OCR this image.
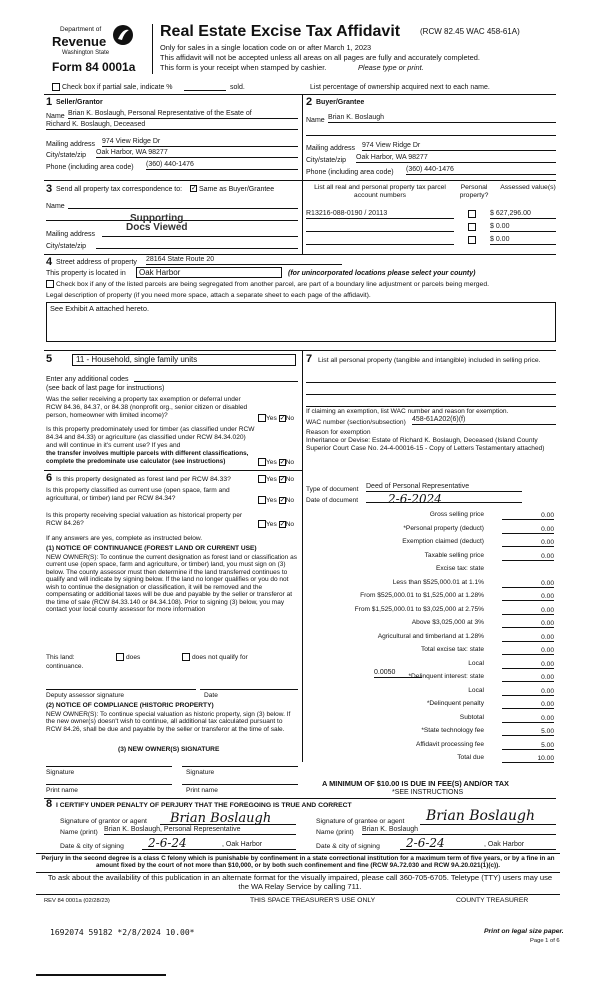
Department of
Revenue
Washington State
Form 84 0001a
Real Estate Excise Tax Affidavit (RCW 82.45 WAC 458-61A)
Only for sales in a single location code on or after March 1, 2023
This affidavit will not be accepted unless all areas on all pages are fully and accurately completed.
This form is your receipt when stamped by cashier.	Please type or print.
Check box if partial sale, indicate %	sold.	List percentage of ownership acquired next to each name.
1 Seller/Grantor
Name Brian K. Boslaugh, Personal Representative of the Esate of
Richard K. Boslaugh, Deceased
Mailing address 974 View Ridge Dr
City/state/zip Oak Harbor, WA 98277
Phone (including area code) (360) 440-1476
2 Buyer/Grantee
Name Brian K. Boslaugh
Mailing address 974 View Ridge Dr
City/state/zip Oak Harbor, WA 98277
Phone (including area code) (360) 440-1476
3 Send all property tax correspondence to: ✓ Same as Buyer/Grantee
Name
Supporting
Docs Viewed
Mailing address
City/state/zip
List all real and personal property tax parcel account numbers
Personal property?
Assessed value(s)
R13216-088-0190 / 20113	$ 627,296.00
$ 0.00
$ 0.00
4 Street address of property 28164 State Route 20
This property is located in	Oak Harbor	(for unincorporated locations please select your county)
Check box if any of the listed parcels are being segregated from another parcel, are part of a boundary line adjustment or parcels being merged.
Legal description of property (if you need more space, attach a separate sheet to each page of the affidavit).
See Exhibit A attached hereto.
5	11 - Household, single family units
Enter any additional codes
(see back of last page for instructions)
Was the seller receiving a property tax exemption or deferral under RCW 84.36, 84.37, or 84.38 (nonprofit org., senior citizen or disabled person, homeowner with limited income)?	Yes ✓No
Is this property predominately used for timber (as classified under RCW 84.34 and 84.33) or agriculture (as classified under RCW 84.34.020) and will continue in it's current use? If yes and
the transfer involves multiple parcels with different classifications, complete the predominate use calculator (see instructions)	Yes ✓No
6 Is this property designated as forest land per RCW 84.33?	Yes ✓No
Is this property classified as current use (open space, farm and agricultural, or timber) land per RCW 84.34?	Yes ✓No
Is this property receiving special valuation as historical property per RCW 84.26?	Yes ✓No
If any answers are yes, complete as instructed below.
(1) NOTICE OF CONTINUANCE (FOREST LAND OR CURRENT USE)
NEW OWNER(S): To continue the current designation as forest land or classification as current use (open space, farm and agriculture, or timber) land, you must sign on (3) below. The county assessor must then determine if the land transferred continues to qualify and will indicate by signing below. If the land no longer qualifies or you do not wish to continue the designation or classification, it will be removed and the compensating or additional taxes will be due and payable by the seller or transferor at the time of sale (RCW 84.33.140 or 84.34.108). Prior to signing (3) below, you may contact your local county assessor for more information
This land:	does	does not qualify for
continuance.
Deputy assessor signature	Date
(2) NOTICE OF COMPLIANCE (HISTORIC PROPERTY)
NEW OWNER(S): To continue special valuation as historic property, sign (3) below. If the new owner(s) doesn't wish to continue, all additional tax calculated pursuant to RCW 84.26, shall be due and payable by the seller or transferor at the time of sale.
(3) NEW OWNER(S) SIGNATURE
Signature	Signature
Print name	Print name
7 List all personal property (tangible and intangible) included in selling price.
If claiming an exemption, list WAC number and reason for exemption.
WAC number (section/subsection) 458-61A202(6)(f)
Reason for exemption
Inheritance or Devise: Estate of Richard K. Boslaugh, Deceased (Island County Superior Court Case No. 24-4-00016-15 - Copy of Letters Testamentary attached)
Type of document Deed of Personal Representative
Date of document	2-6-2024
Gross selling price	0.00
*Personal property (deduct)	0.00
Exemption claimed (deduct)	0.00
Taxable selling price	0.00
Excise tax: state
Less than $525,000.01 at 1.1%	0.00
From $525,000.01 to $1,525,000 at 1.28%	0.00
From $1,525,000.01 to $3,025,000 at 2.75%	0.00
Above $3,025,000 at 3%	0.00
Agricultural and timberland at 1.28%	0.00
Total excise tax: state	0.00
Local	0.00
*Delinquent interest: state	0.00
Local	0.00
*Delinquent penalty	0.00
Subtotal	0.00
*State technology fee	5.00
Affidavit processing fee	5.00
Total due	10.00
0.0050
A MINIMUM OF $10.00 IS DUE IN FEE(S) AND/OR TAX
*SEE INSTRUCTIONS
8 I CERTIFY UNDER PENALTY OF PERJURY THAT THE FOREGOING IS TRUE AND CORRECT
Signature of grantor or agent	Brian Boslaugh
Name (print) Brian K. Boslaugh, Personal Representative
Date & city of signing	2-6-24	, Oak Harbor
Signature of grantee or agent	Brian Boslaugh
Name (print) Brian K. Boslaugh
Date & city of signing	2-6-24	, Oak Harbor
Perjury in the second degree is a class C felony which is punishable by confinement in a state correctional institution for a maximum term of five years, or by a fine in an amount fixed by the court of not more than $10,000, or by both such confinement and fine (RCW 9A.72.030 and RCW 9A.20.021(1)(c)).
To ask about the availability of this publication in an alternate format for the visually impaired, please call 360-705-6705. Teletype (TTY) users may use the WA Relay Service by calling 711.
REV 84 0001a (02/28/23)	THIS SPACE TREASURER'S USE ONLY	COUNTY TREASURER
1692074 59182 *2/8/2024 10.00*	Print on legal size paper.
Page 1 of 6
